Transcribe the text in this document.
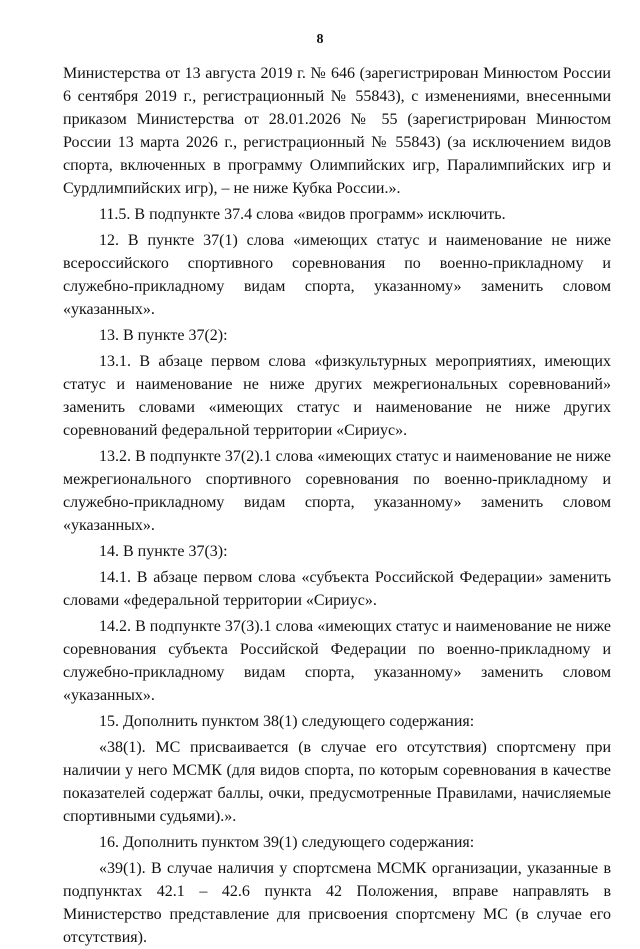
8

Министерства от 13 августа 2019 г. № 646 (зарегистрирован Минюстом России 6 сентября 2019 г., регистрационный № 55843), с изменениями, внесенными приказом Министерства от 28.01.2026 № 55 (зарегистрирован Минюстом России 13 марта 2026 г., регистрационный № 55843) (за исключением видов спорта, включенных в программу Олимпийских игр, Паралимпийских игр и Сурдлимпийских игр), – не ниже Кубка России.».

11.5. В подпункте 37.4 слова «видов программ» исключить.

12. В пункте 37(1) слова «имеющих статус и наименование не ниже всероссийского спортивного соревнования по военно-прикладному и служебно-прикладному видам спорта, указанному» заменить словом «указанных».

13. В пункте 37(2):

13.1. В абзаце первом слова «физкультурных мероприятиях, имеющих статус и наименование не ниже других межрегиональных соревнований» заменить словами «имеющих статус и наименование не ниже других соревнований федеральной территории «Сириус».

13.2. В подпункте 37(2).1 слова «имеющих статус и наименование не ниже межрегионального спортивного соревнования по военно-прикладному и служебно-прикладному видам спорта, указанному» заменить словом «указанных».

14. В пункте 37(3):

14.1. В абзаце первом слова «субъекта Российской Федерации» заменить словами «федеральной территории «Сириус».

14.2. В подпункте 37(3).1 слова «имеющих статус и наименование не ниже соревнования субъекта Российской Федерации по военно-прикладному и служебно-прикладному видам спорта, указанному» заменить словом «указанных».

15. Дополнить пунктом 38(1) следующего содержания:

«38(1). МС присваивается (в случае его отсутствия) спортсмену при наличии у него МСМК (для видов спорта, по которым соревнования в качестве показателей содержат баллы, очки, предусмотренные Правилами, начисляемые спортивными судьями).».

16. Дополнить пунктом 39(1) следующего содержания:

«39(1). В случае наличия у спортсмена МСМК организации, указанные в подпунктах 42.1 – 42.6 пункта 42 Положения, вправе направлять в Министерство представление для присвоения спортсмену МС (в случае его отсутствия).
